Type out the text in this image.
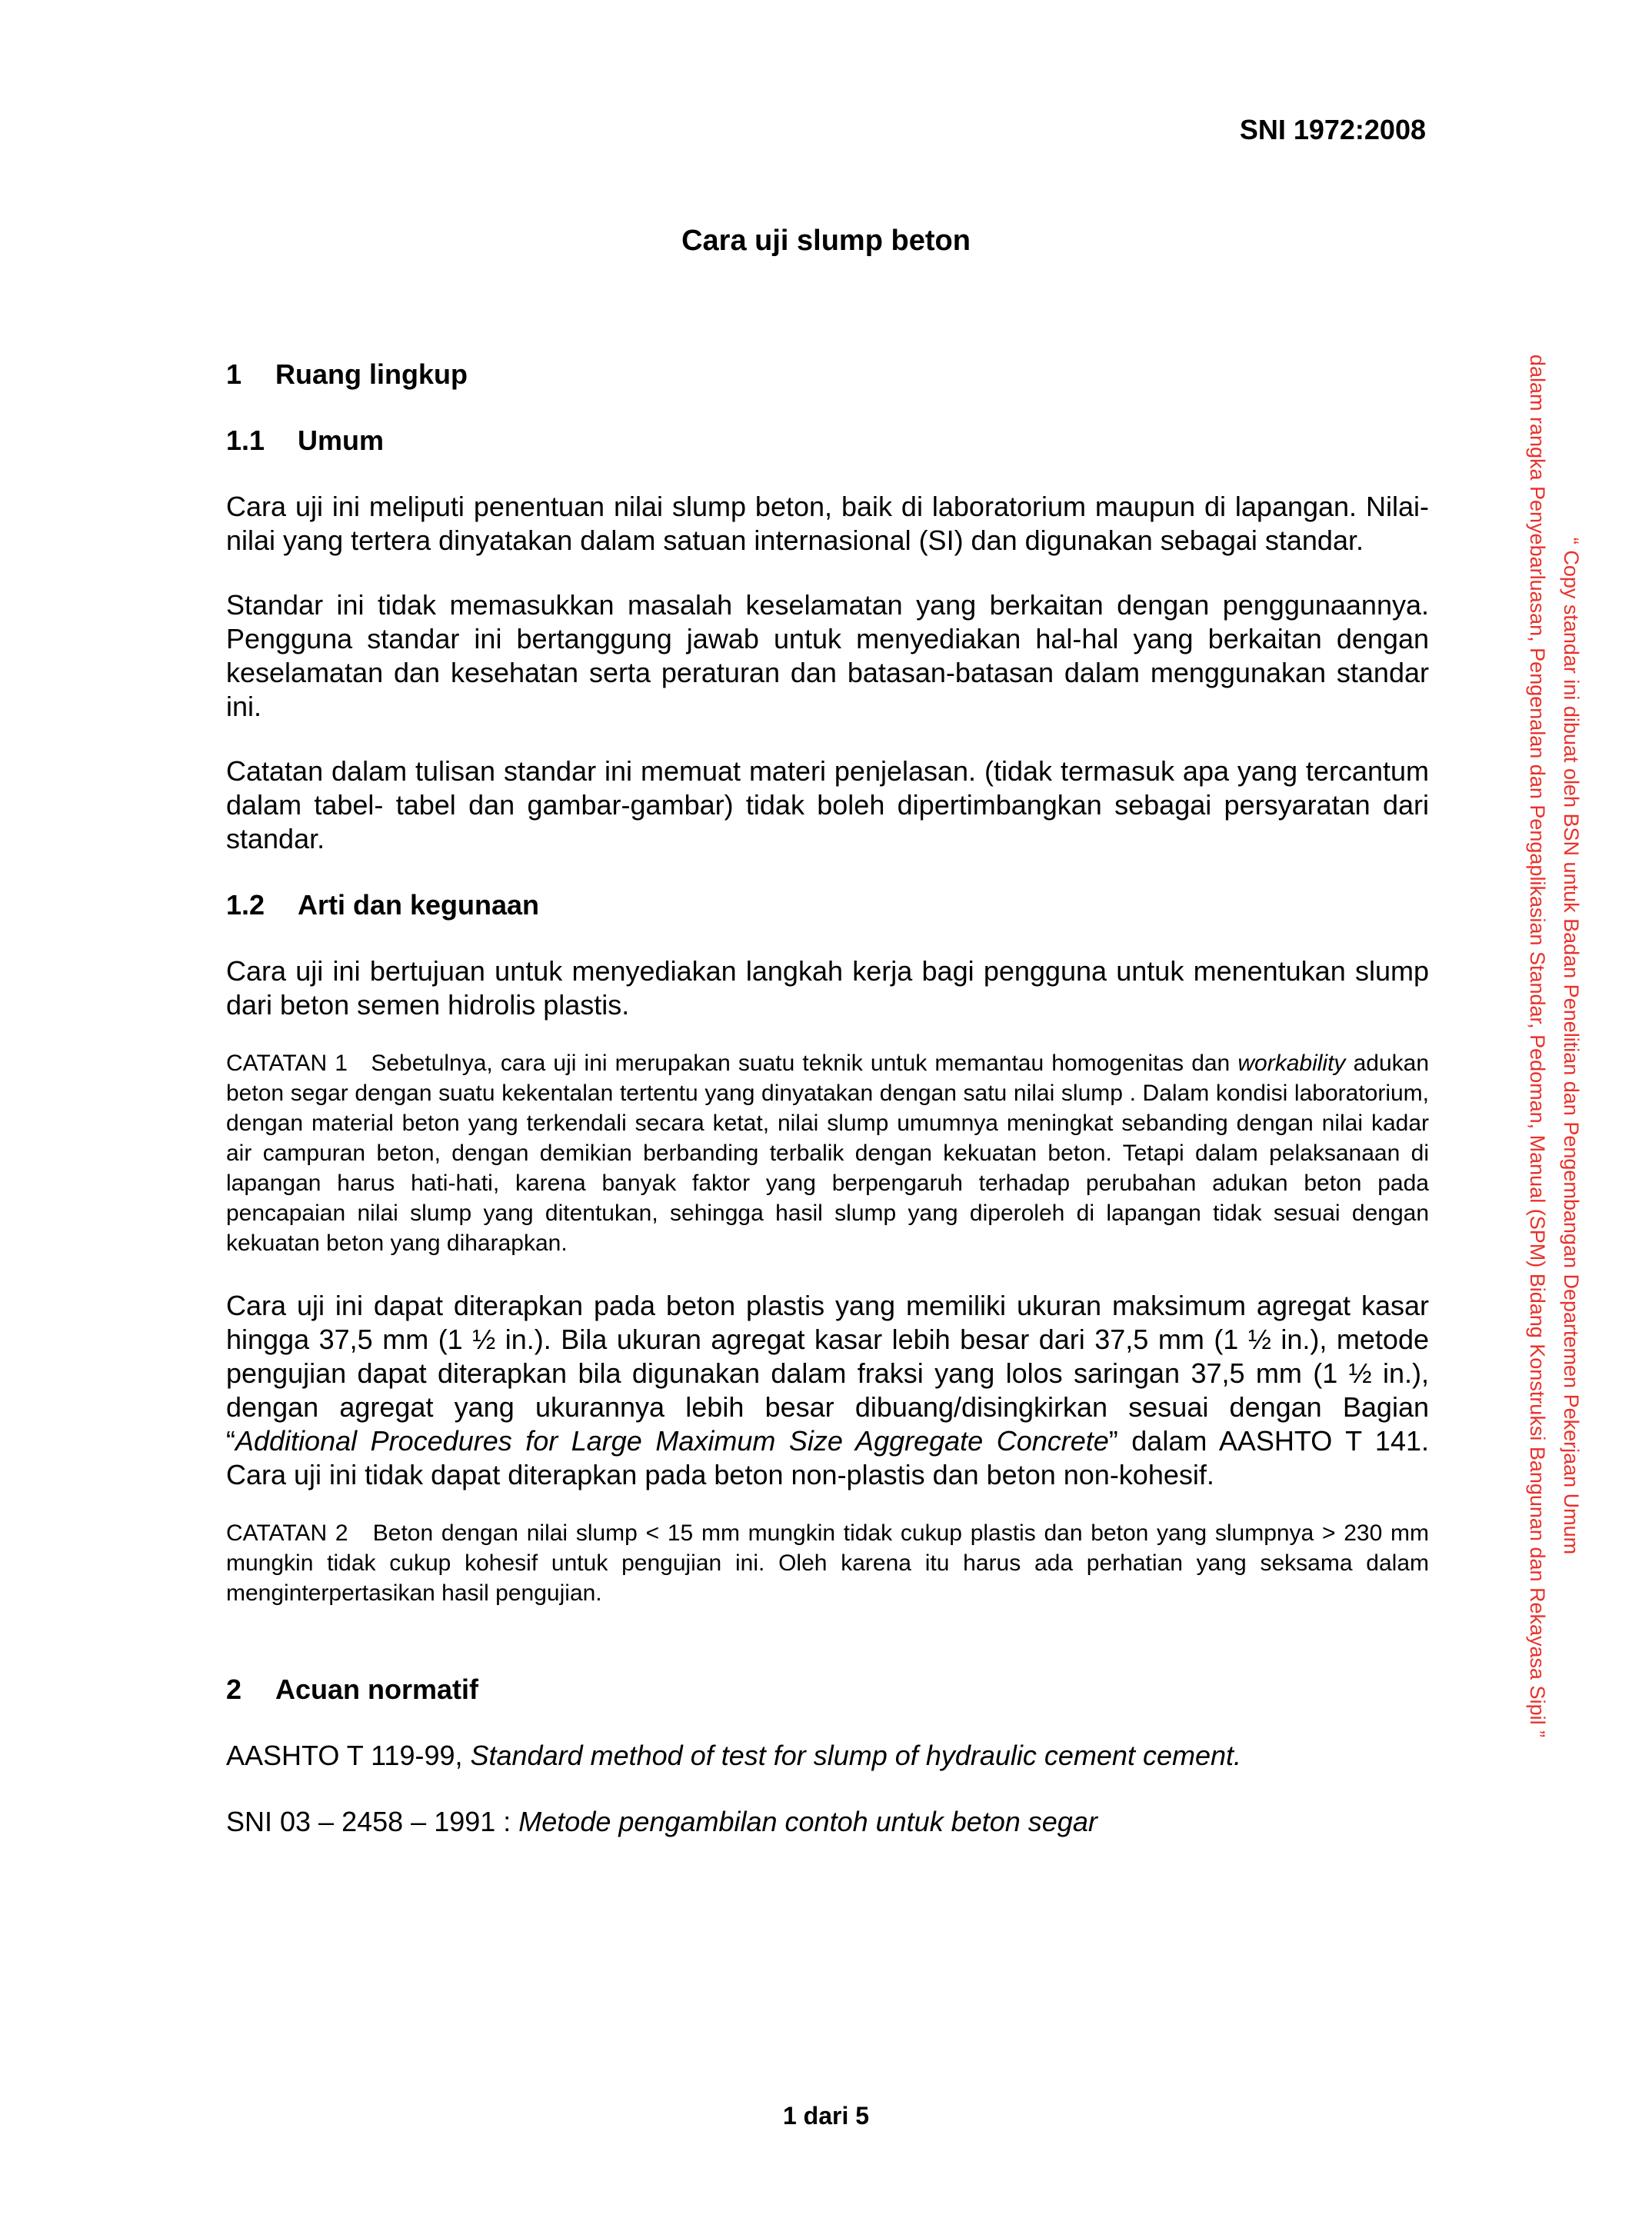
SNI 1972:2008

Cara uji slump beton
1 Ruang lingkup
1.1 Umum

Cara uji ini meliputi penentuan nilai slump beton, baik di laboratorium maupun di lapangan. Nilai-nilai yang tertera dinyatakan dalam satuan internasional (SI) dan digunakan sebagai standar.

Standar ini tidak memasukkan masalah keselamatan yang berkaitan dengan penggunaannya. Pengguna standar ini bertanggung jawab untuk menyediakan hal-hal yang berkaitan dengan keselamatan dan kesehatan serta peraturan dan batasan-batasan dalam menggunakan standar ini.

Catatan dalam tulisan standar ini memuat materi penjelasan. (tidak termasuk apa yang tercantum dalam tabel- tabel dan gambar-gambar) tidak boleh dipertimbangkan sebagai persyaratan dari standar.

1.2 Arti dan kegunaan

Cara uji ini bertujuan untuk menyediakan langkah kerja bagi pengguna untuk menentukan slump dari beton semen hidrolis plastis.

CATATAN 1 Sebetulnya, cara uji ini merupakan suatu teknik untuk memantau homogenitas dan workability adukan beton segar dengan suatu kekentalan tertentu yang dinyatakan dengan satu nilai slump . Dalam kondisi laboratorium, dengan material beton yang terkendali secara ketat, nilai slump umumnya meningkat sebanding dengan nilai kadar air campuran beton, dengan demikian berbanding terbalik dengan kekuatan beton. Tetapi dalam pelaksanaan di lapangan harus hati-hati, karena banyak faktor yang berpengaruh terhadap perubahan adukan beton pada pencapaian nilai slump yang ditentukan, sehingga hasil slump yang diperoleh di lapangan tidak sesuai dengan kekuatan beton yang diharapkan.

Cara uji ini dapat diterapkan pada beton plastis yang memiliki ukuran maksimum agregat kasar hingga 37,5 mm (1 ½ in.). Bila ukuran agregat kasar lebih besar dari 37,5 mm (1 ½ in.), metode pengujian dapat diterapkan bila digunakan dalam fraksi yang lolos saringan 37,5 mm (1 ½ in.), dengan agregat yang ukurannya lebih besar dibuang/disingkirkan sesuai dengan Bagian “Additional Procedures for Large Maximum Size Aggregate Concrete” dalam AASHTO T 141. Cara uji ini tidak dapat diterapkan pada beton non-plastis dan beton non-kohesif.

CATATAN 2 Beton dengan nilai slump < 15 mm mungkin tidak cukup plastis dan beton yang slumpnya > 230 mm mungkin tidak cukup kohesif untuk pengujian ini. Oleh karena itu harus ada perhatian yang seksama dalam menginterpertasikan hasil pengujian.

2 Acuan normatif

AASHTO T 119-99, Standard method of test for slump of hydraulic cement cement.

SNI 03 – 2458 – 1991 : Metode pengambilan contoh untuk beton segar

1 dari 5

“ Copy standar ini dibuat oleh BSN untuk Badan Penelitian dan Pengembangan Departemen Pekerjaan Umum
dalam rangka Penyebarluasan, Pengenalan dan Pengaplikasian Standar, Pedoman, Manual (SPM) Bidang Konstruksi Bangunan dan Rekayasa Sipil ”
